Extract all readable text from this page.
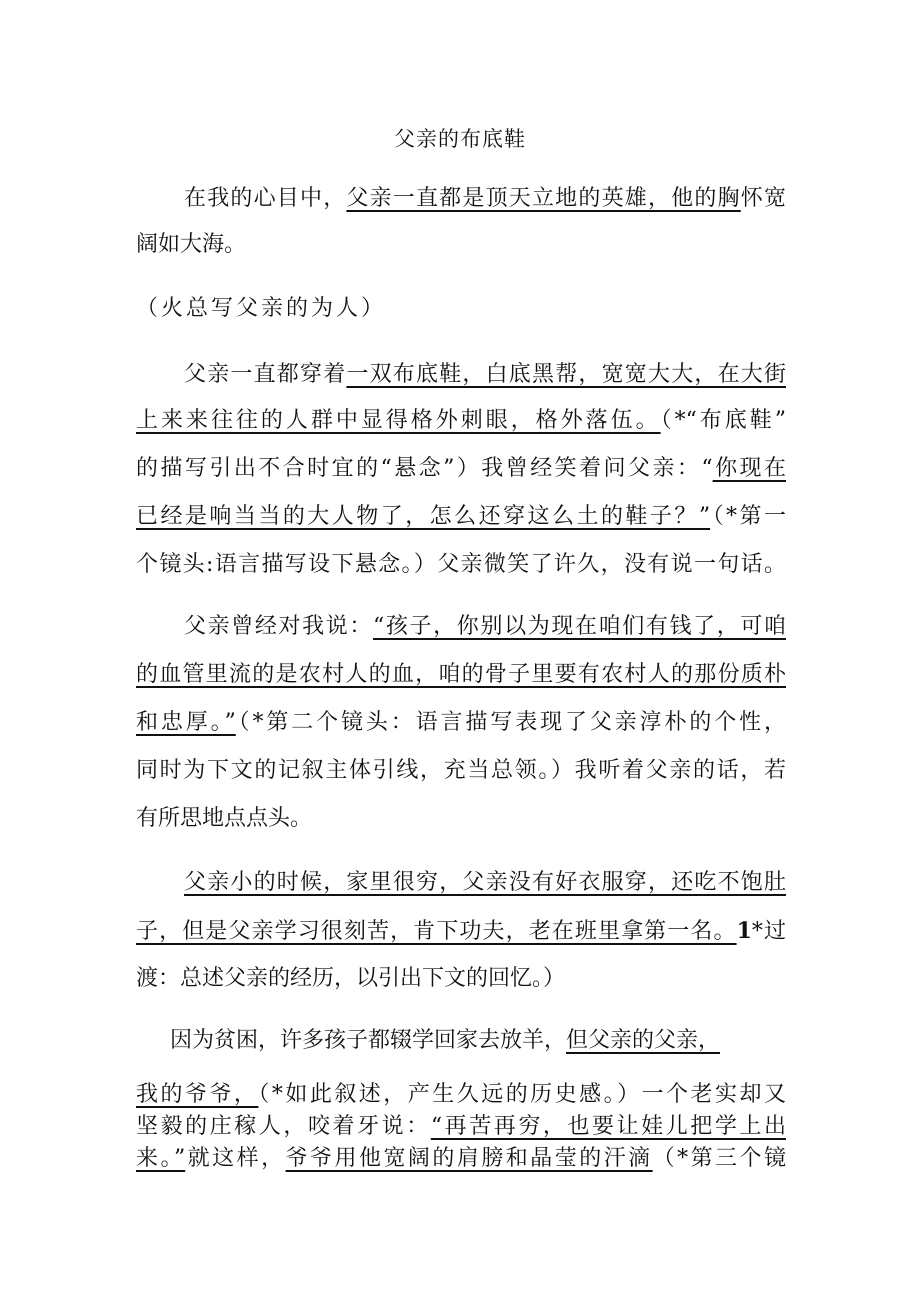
父亲的布底鞋
在我的心目中，父亲一直都是顶天立地的英雄，他的胸怀宽
阔如大海。
（火总写父亲的为人）
父亲一直都穿着一双布底鞋，白底黑帮，宽宽大大，在大街
上来来往往的人群中显得格外刺眼，格外落伍。（*“布底鞋”
的描写引出不合时宜的“悬念”）我曾经笑着问父亲：“你现在
已经是响当当的大人物了，怎么还穿这么土的鞋子？”（*第一
个镜头:语言描写设下悬念。）父亲微笑了许久，没有说一句话。
父亲曾经对我说：“孩子，你别以为现在咱们有钱了，可咱
的血管里流的是农村人的血，咱的骨子里要有农村人的那份质朴
和忠厚。”（*第二个镜头：语言描写表现了父亲淳朴的个性，
同时为下文的记叙主体引线，充当总领。）我听着父亲的话，若
有所思地点点头。
父亲小的时候，家里很穷，父亲没有好衣服穿，还吃不饱肚
子，但是父亲学习很刻苦，肯下功夫，老在班里拿第一名。1*过
渡：总述父亲的经历，以引出下文的回忆。）
因为贫困，许多孩子都辍学回家去放羊，但父亲的父亲，
我的爷爷，（*如此叙述，产生久远的历史感。）一个老实却又
坚毅的庄稼人，咬着牙说：“再苦再穷，也要让娃儿把学上出
来。”就这样，爷爷用他宽阔的肩膀和晶莹的汗滴（*第三个镜
